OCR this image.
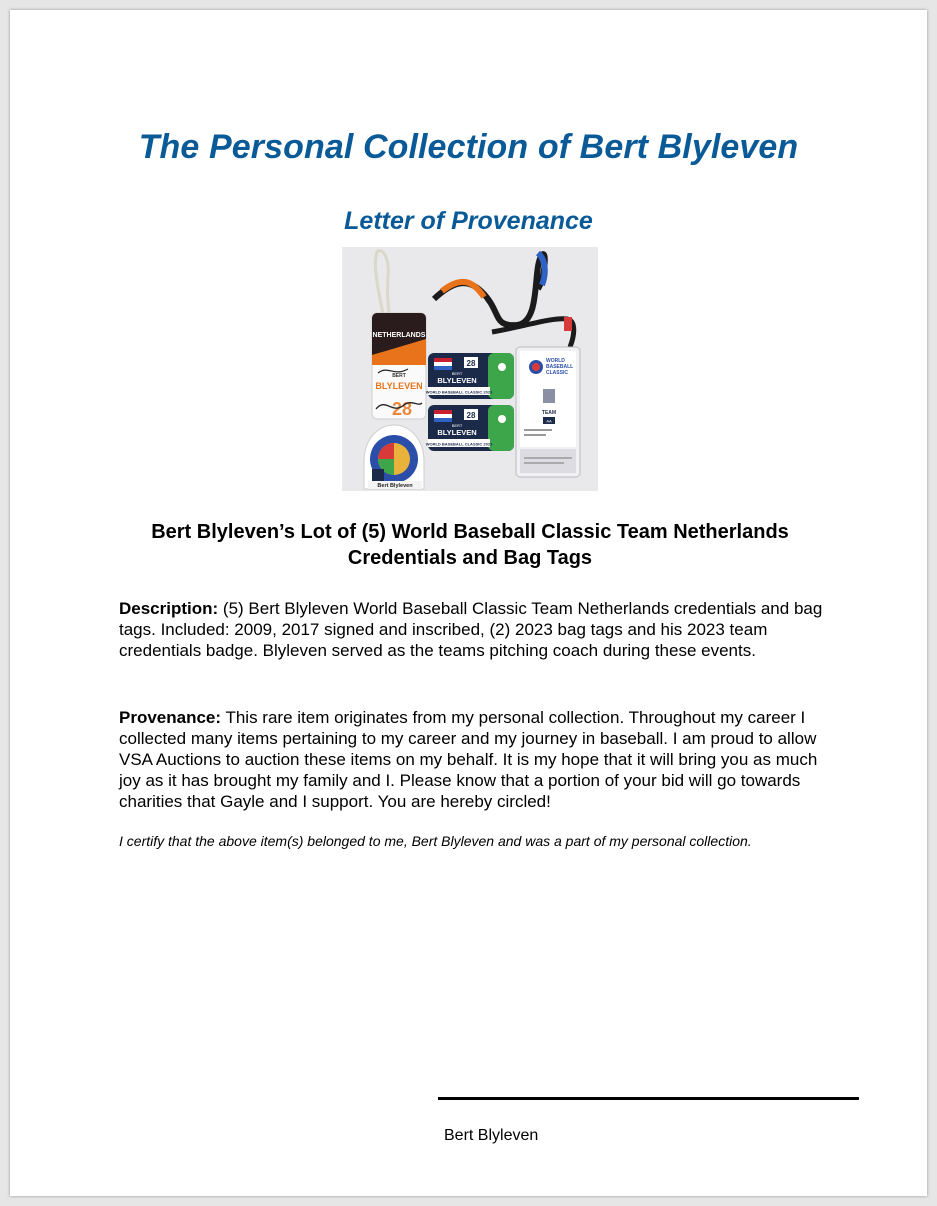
The Personal Collection of Bert Blyleven
Letter of Provenance
NETHERLANDS
BERT
BLYLEVEN
28
Bert Blyleven
28
BERT
BLYLEVEN
WORLD BASEBALL CLASSIC 2023
28
BERT
BLYLEVEN
WORLD BASEBALL CLASSIC 2023
WORLD
BASEBALL
CLASSIC
TEAM
AA
Bert Blyleven’s Lot of (5) World Baseball Classic Team Netherlands
Credentials and Bag Tags

Description: (5) Bert Blyleven World Baseball Classic Team Netherlands credentials and bag tags. Included: 2009, 2017 signed and inscribed, (2) 2023 bag tags and his 2023 team credentials badge. Blyleven served as the teams pitching coach during these events.

Provenance: This rare item originates from my personal collection. Throughout my career I collected many items pertaining to my career and my journey in baseball. I am proud to allow VSA Auctions to auction these items on my behalf. It is my hope that it will bring you as much joy as it has brought my family and I. Please know that a portion of your bid will go towards charities that Gayle and I support. You are hereby circled!

I certify that the above item(s) belonged to me, Bert Blyleven and was a part of my personal collection.

Bert Blyleven
